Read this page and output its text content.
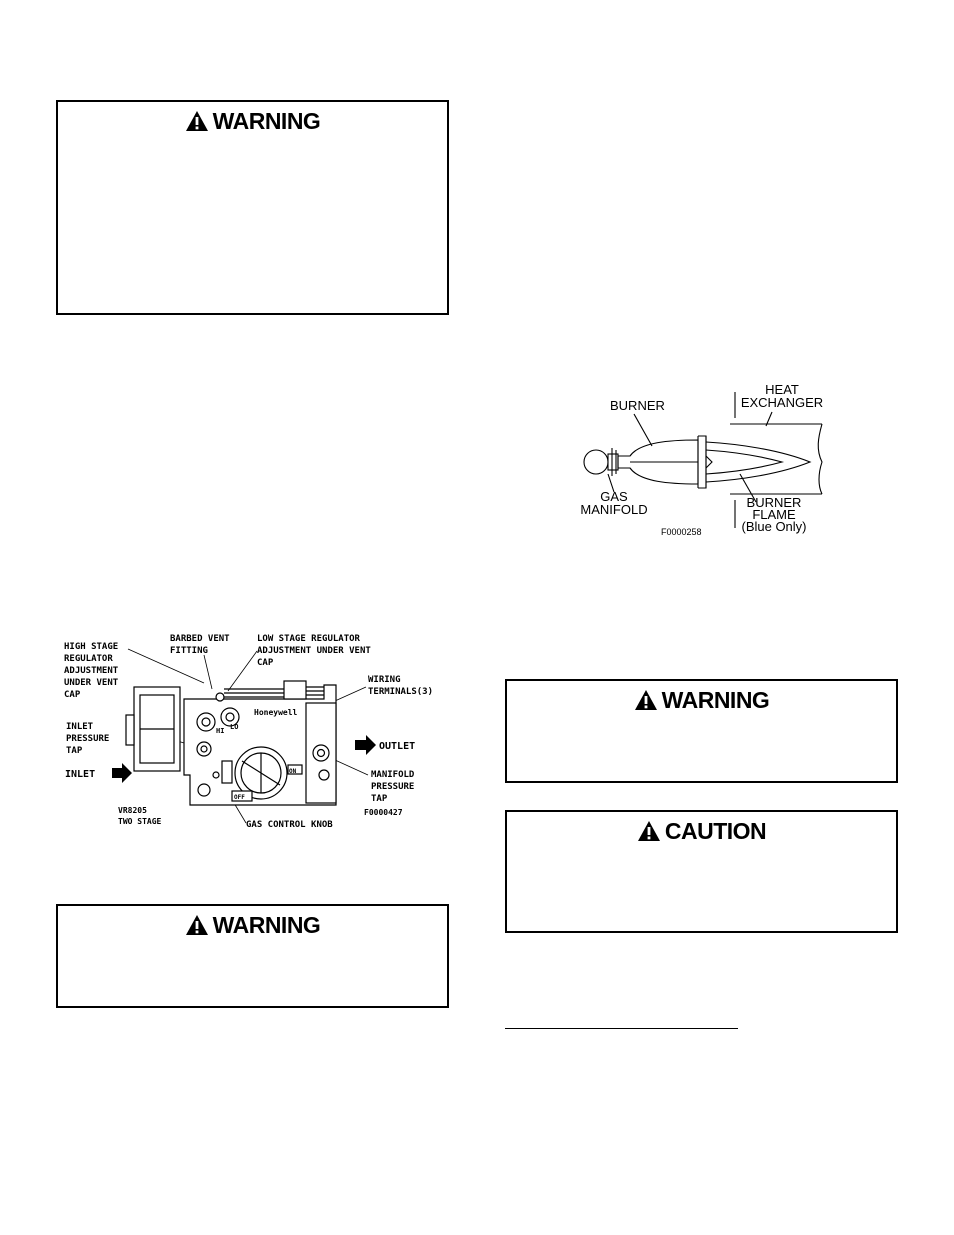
WARNING
HIGH STAGE REGULATOR ADJUSTMENT UNDER VENT CAP
BARBED VENT FITTING
LOW STAGE REGULATOR ADJUSTMENT UNDER VENT CAP
WIRING TERMINALS(3)
INLET PRESSURE TAP
INLET
OUTLET
MANIFOLD PRESSURE TAP
VR8205 TWO STAGE
F0000427
GAS CONTROL KNOB
Honeywell
HI LO
ON
OFF
WARNING
BURNER
HEAT EXCHANGER
GAS MANIFOLD	BURNER FLAME (Blue Only)
F0000258
WARNING
CAUTION
